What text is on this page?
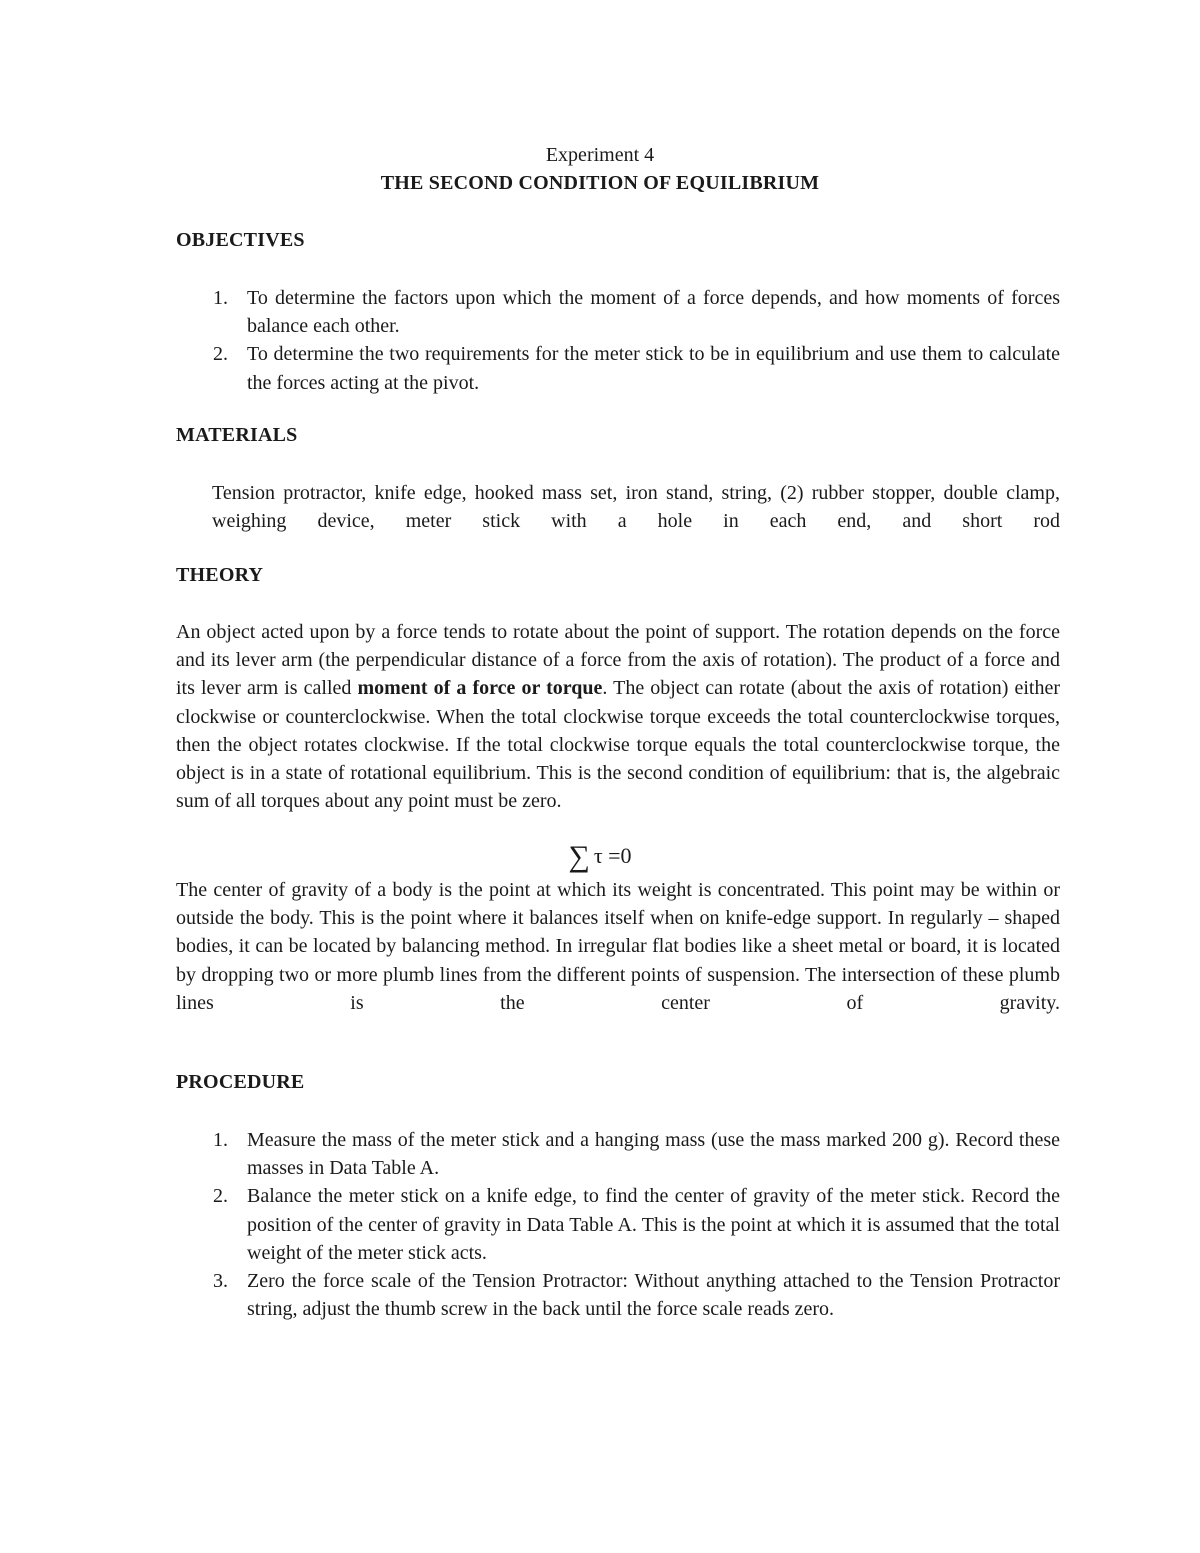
Experiment 4
THE SECOND CONDITION OF EQUILIBRIUM
OBJECTIVES
1. To determine the factors upon which the moment of a force depends, and how moments of forces balance each other.
2. To determine the two requirements for the meter stick to be in equilibrium and use them to calculate the forces acting at the pivot.
MATERIALS
Tension protractor, knife edge, hooked mass set, iron stand, string, (2) rubber stopper, double clamp, weighing device, meter stick with a hole in each end, and short rod
THEORY
An object acted upon by a force tends to rotate about the point of support. The rotation depends on the force and its lever arm (the perpendicular distance of a force from the axis of rotation). The product of a force and its lever arm is called moment of a force or torque. The object can rotate (about the axis of rotation) either clockwise or counterclockwise. When the total clockwise torque exceeds the total counterclockwise torques, then the object rotates clockwise. If the total clockwise torque equals the total counterclockwise torque, the object is in a state of rotational equilibrium. This is the second condition of equilibrium: that is, the algebraic sum of all torques about any point must be zero.
∑ τ =0
The center of gravity of a body is the point at which its weight is concentrated. This point may be within or outside the body. This is the point where it balances itself when on knife-edge support. In regularly – shaped bodies, it can be located by balancing method. In irregular flat bodies like a sheet metal or board, it is located by dropping two or more plumb lines from the different points of suspension. The intersection of these plumb lines is the center of gravity.
PROCEDURE
1. Measure the mass of the meter stick and a hanging mass (use the mass marked 200 g). Record these masses in Data Table A.
2. Balance the meter stick on a knife edge, to find the center of gravity of the meter stick. Record the position of the center of gravity in Data Table A. This is the point at which it is assumed that the total weight of the meter stick acts.
3. Zero the force scale of the Tension Protractor: Without anything attached to the Tension Protractor string, adjust the thumb screw in the back until the force scale reads zero.
